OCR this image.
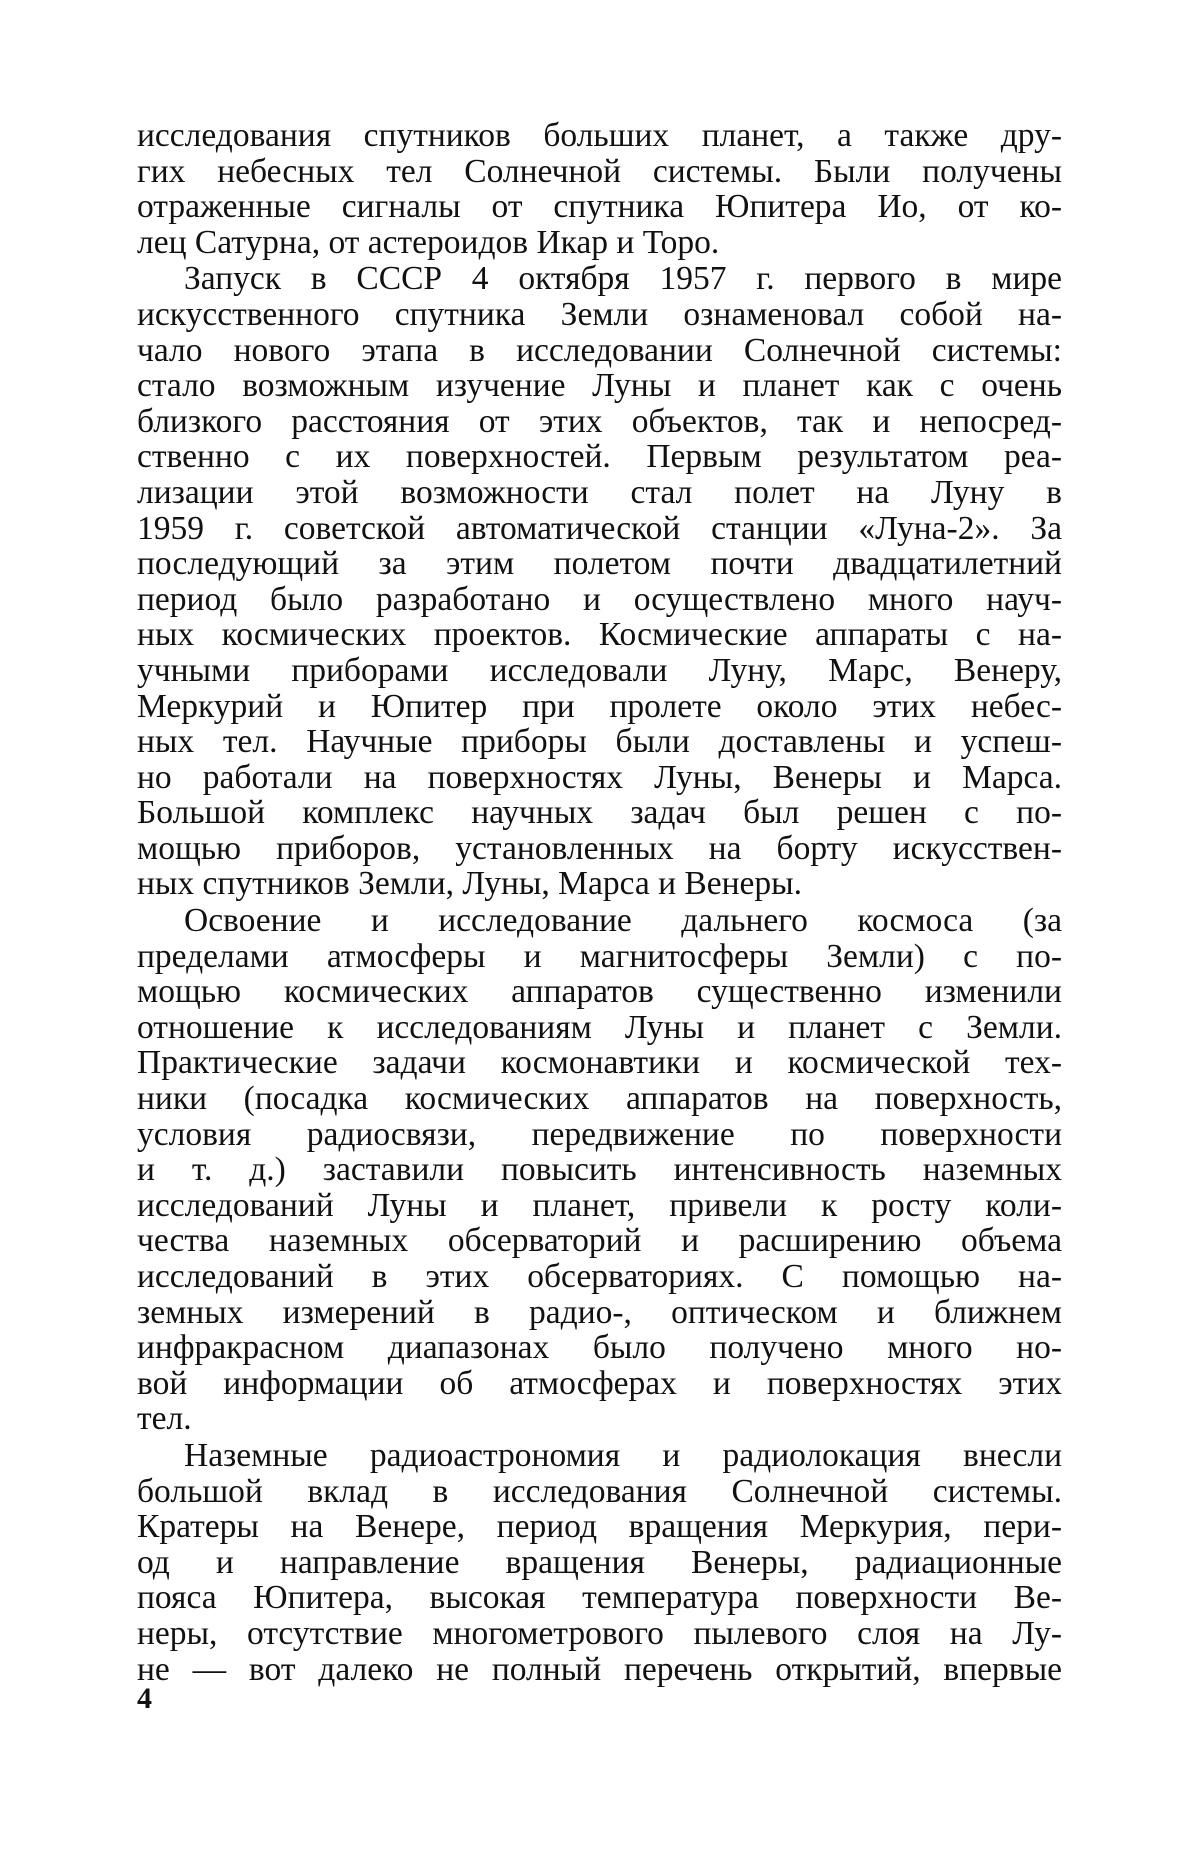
исследования спутников больших планет, а также дру-
гих небесных тел Солнечной системы. Были получены
отраженные сигналы от спутника Юпитера Ио, от ко-
лец Сатурна, от астероидов Икар и Торо.
Запуск в СССР 4 октября 1957 г. первого в мире
искусственного спутника Земли ознаменовал собой на-
чало нового этапа в исследовании Солнечной системы:
стало возможным изучение Луны и планет как с очень
близкого расстояния от этих объектов, так и непосред-
ственно с их поверхностей. Первым результатом реа-
лизации этой возможности стал полет на Луну в
1959 г. советской автоматической станции «Луна-2». За
последующий за этим полетом почти двадцатилетний
период было разработано и осуществлено много науч-
ных космических проектов. Космические аппараты с на-
учными приборами исследовали Луну, Марс, Венеру,
Меркурий и Юпитер при пролете около этих небес-
ных тел. Научные приборы были доставлены и успеш-
но работали на поверхностях Луны, Венеры и Марса.
Большой комплекс научных задач был решен с по-
мощью приборов, установленных на борту искусствен-
ных спутников Земли, Луны, Марса и Венеры.
Освоение и исследование дальнего космоса (за
пределами атмосферы и магнитосферы Земли) с по-
мощью космических аппаратов существенно изменили
отношение к исследованиям Луны и планет с Земли.
Практические задачи космонавтики и космической тех-
ники (посадка космических аппаратов на поверхность,
условия радиосвязи, передвижение по поверхности
и т. д.) заставили повысить интенсивность наземных
исследований Луны и планет, привели к росту коли-
чества наземных обсерваторий и расширению объема
исследований в этих обсерваториях. С помощью на-
земных измерений в радио-, оптическом и ближнем
инфракрасном диапазонах было получено много но-
вой информации об атмосферах и поверхностях этих
тел.
Наземные радиоастрономия и радиолокация внесли
большой вклад в исследования Солнечной системы.
Кратеры на Венере, период вращения Меркурия, пери-
од и направление вращения Венеры, радиационные
пояса Юпитера, высокая температура поверхности Ве-
неры, отсутствие многометрового пылевого слоя на Лу-
не — вот далеко не полный перечень открытий, впервые
4
